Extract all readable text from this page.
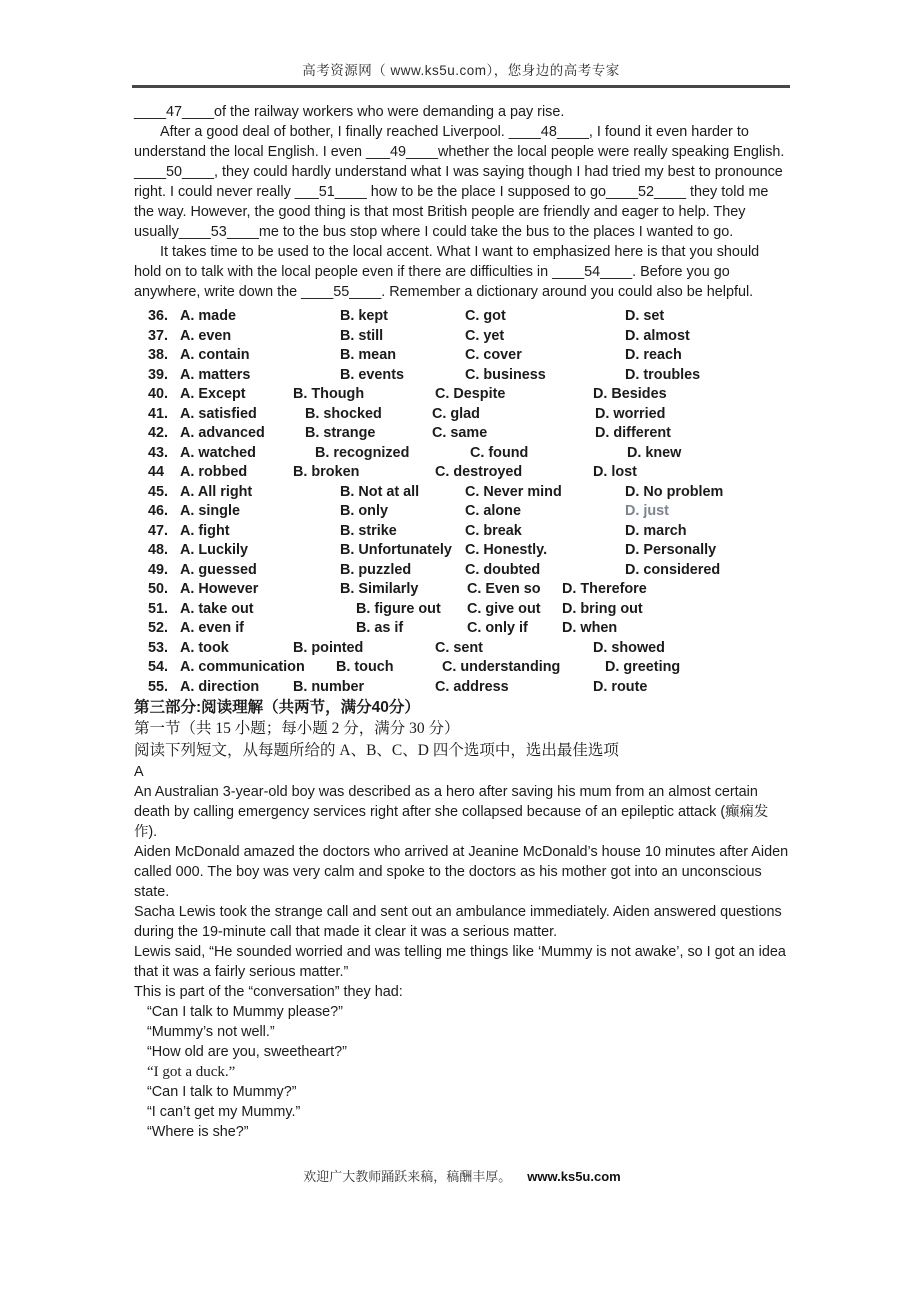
高考资源网（ www.ks5u.com），您身边的高考专家

____47____of the railway workers who were demanding a pay rise.

After a good deal of bother, I finally reached Liverpool. ____48____, I found it even harder to understand the local English. I even ___49____whether the local people were really speaking English. ____50____, they could hardly understand what I was saying though I had tried my best to pronounce right. I could never really ___51____ how to be the place I supposed to go____52____ they told me the way. However, the good thing is that most British people are friendly and eager to help. They usually____53____me to the bus stop where I could take the bus to the places I wanted to go.

It takes time to be used to the local accent. What I want to emphasized here is that you should hold on to talk with the local people even if there are difficulties in ____54____. Before you go anywhere, write down the ____55____. Remember a dictionary around you could also be helpful.

36. A. made	B. kept	C. got	D. set
37. A. even	B. still	C. yet	D. almost
38. A. contain	B. mean	C. cover	D. reach
39. A. matters	B. events	C. business	D. troubles
40. A. Except	B. Though	C. Despite	D. Besides
41. A. satisfied	B. shocked	C. glad	D. worried
42. A. advanced	B. strange	C. same	D. different
43. A. watched	B. recognized	C. found	D. knew
44	A. robbed	B. broken	C. destroyed	D. lost
45. A. All right	B. Not at all	C. Never mind	D. No problem
46. A. single	B. only	C. alone	D. just
47. A. fight	B. strike	C. break	D. march
48. A. Luckily	B. Unfortunately C. Honestly.	D. Personally
49. A. guessed	B. puzzled	C. doubted	D. considered
50. A. However	B. Similarly	C. Even so	D. Therefore
51. A. take out	B. figure out	C. give out	D. bring out
52. A. even if	B. as if	C. only if	D. when
53. A. took	B. pointed	C. sent	D. showed
54. A. communication	B. touch	C. understanding	D. greeting
55. A. direction	B. number	C. address	D. route
第三部分:阅读理解（共两节，满分40分）
第一节（共 15 小题；每小题 2 分，满分 30 分）
阅读下列短文，从每题所给的 A、B、C、D 四个选项中，选出最佳选项
A

An Australian 3-year-old boy was described as a hero after saving his mum from an almost certain death by calling emergency services right after she collapsed because of an epileptic attack (癫痫发作).

Aiden McDonald amazed the doctors who arrived at Jeanine McDonald’s house 10 minutes after Aiden called 000. The boy was very calm and spoke to the doctors as his mother got into an unconscious state.

Sacha Lewis took the strange call and sent out an ambulance immediately. Aiden answered questions during the 19-minute call that made it clear it was a serious matter.

Lewis said, “He sounded worried and was telling me things like ‘Mummy is not awake’, so I got an idea that it was a fairly serious matter.”

This is part of the “conversation” they had:

“Can I talk to Mummy please?”
“Mummy’s not well.”
“How old are you, sweetheart?”
“I got a duck.”
“Can I talk to Mummy?”
“I can’t get my Mummy.”
“Where is she?”
欢迎广大教师踊跃来稿，稿酬丰厚。 www.ks5u.com
